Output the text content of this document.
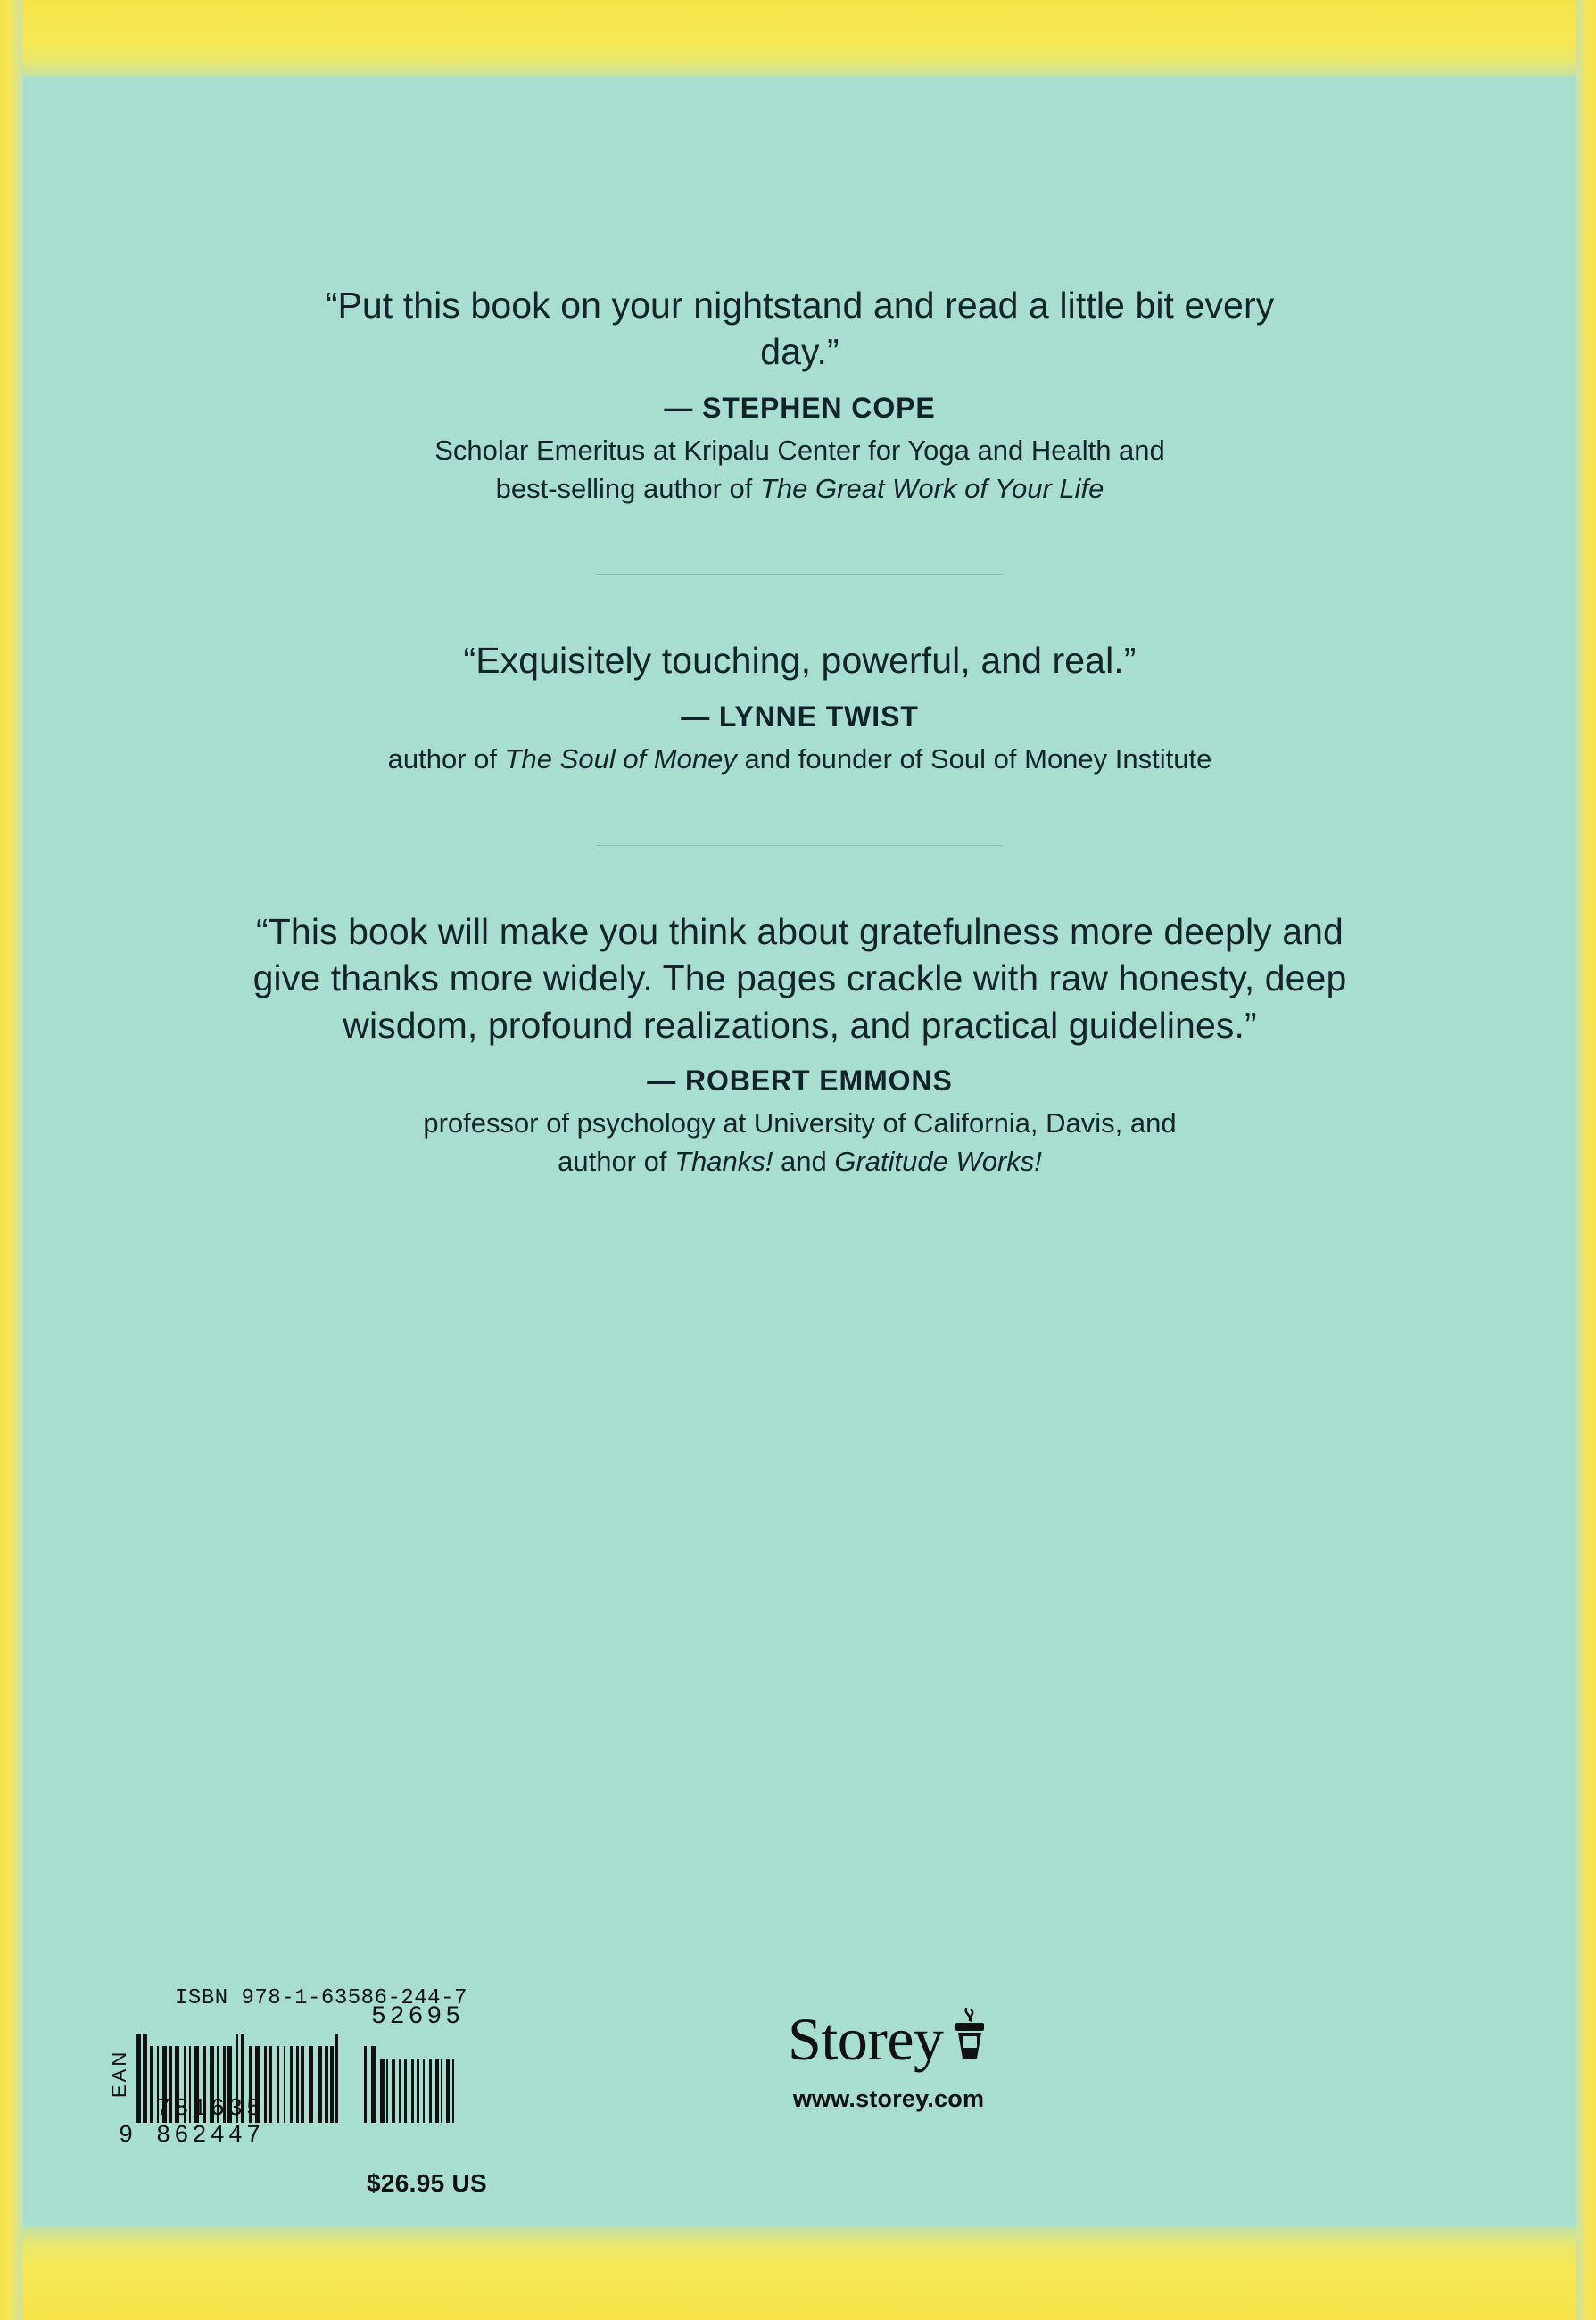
“Put this book on your nightstand and read a little bit every day.”
— STEPHEN COPE
Scholar Emeritus at Kripalu Center for Yoga and Health and
best-selling author of The Great Work of Your Life
“Exquisitely touching, powerful, and real.”
— LYNNE TWIST
author of The Soul of Money and founder of Soul of Money Institute
“This book will make you think about gratefulness more deeply and give thanks more widely. The pages crackle with raw honesty, deep wisdom, profound realizations, and practical guidelines.”
— ROBERT EMMONS
professor of psychology at University of California, Davis, and
author of Thanks! and Gratitude Works!
ISBN 978-1-63586-244-7
EAN
9
781635 862447
52695
$26.95 US
Storey
www.storey.com
